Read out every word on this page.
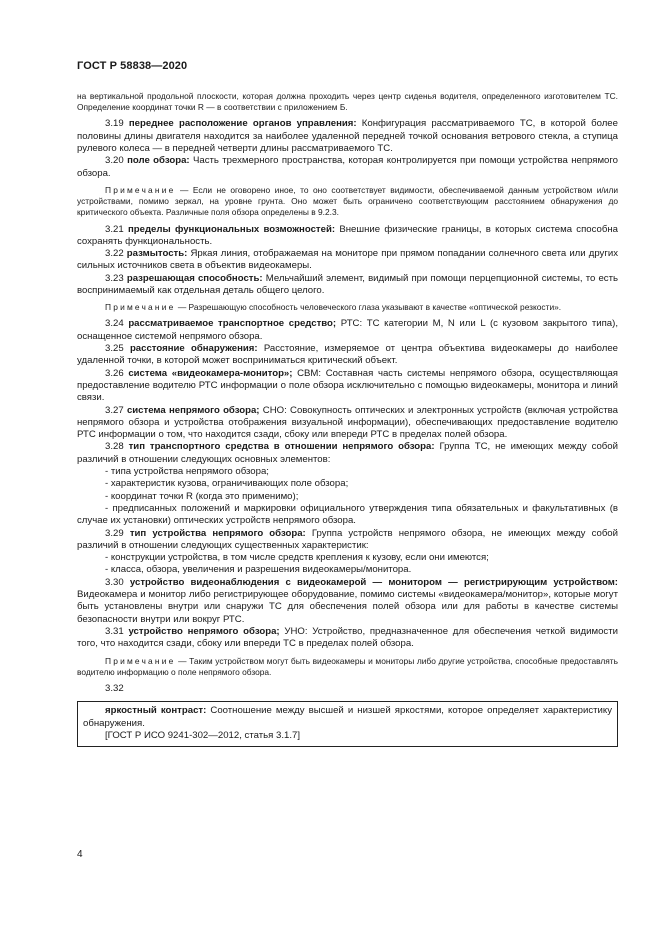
ГОСТ Р 58838—2020

на вертикальной продольной плоскости, которая должна проходить через центр сиденья водителя, определенного изготовителем ТС. Определение координат точки R — в соответствии с приложением Б.

3.19 переднее расположение органов управления: Конфигурация рассматриваемого ТС, в которой более половины длины двигателя находится за наиболее удаленной передней точкой основания ветрового стекла, а ступица рулевого колеса — в передней четверти длины рассматриваемого ТС.

3.20 поле обзора: Часть трехмерного пространства, которая контролируется при помощи устройства непрямого обзора.

Примечание — Если не оговорено иное, то оно соответствует видимости, обеспечиваемой данным устройством и/или устройствами, помимо зеркал, на уровне грунта. Оно может быть ограничено соответствующим расстоянием обнаружения до критического объекта. Различные поля обзора определены в 9.2.3.

3.21 пределы функциональных возможностей: Внешние физические границы, в которых система способна сохранять функциональность.

3.22 размытость: Яркая линия, отображаемая на мониторе при прямом попадании солнечного света или других сильных источников света в объектив видеокамеры.

3.23 разрешающая способность: Мельчайший элемент, видимый при помощи перцепционной системы, то есть воспринимаемый как отдельная деталь общего целого.

Примечание — Разрешающую способность человеческого глаза указывают в качестве «оптической резкости».

3.24 рассматриваемое транспортное средство; РТС: ТС категории М, N или L (с кузовом закрытого типа), оснащенное системой непрямого обзора.

3.25 расстояние обнаружения: Расстояние, измеряемое от центра объектива видеокамеры до наиболее удаленной точки, в которой может восприниматься критический объект.

3.26 система «видеокамера-монитор»; СВМ: Составная часть системы непрямого обзора, осуществляющая предоставление водителю РТС информации о поле обзора исключительно с помощью видеокамеры, монитора и линий связи.

3.27 система непрямого обзора; СНО: Совокупность оптических и электронных устройств (включая устройства непрямого обзора и устройства отображения визуальной информации), обеспечивающих предоставление водителю РТС информации о том, что находится сзади, сбоку или впереди РТС в пределах полей обзора.

3.28 тип транспортного средства в отношении непрямого обзора: Группа ТС, не имеющих между собой различий в отношении следующих основных элементов:

- типа устройства непрямого обзора;

- характеристик кузова, ограничивающих поле обзора;

- координат точки R (когда это применимо);

- предписанных положений и маркировки официального утверждения типа обязательных и факультативных (в случае их установки) оптических устройств непрямого обзора.

3.29 тип устройства непрямого обзора: Группа устройств непрямого обзора, не имеющих между собой различий в отношении следующих существенных характеристик:

- конструкции устройства, в том числе средств крепления к кузову, если они имеются;

- класса, обзора, увеличения и разрешения видеокамеры/монитора.

3.30 устройство видеонаблюдения с видеокамерой — монитором — регистрирующим устройством: Видеокамера и монитор либо регистрирующее оборудование, помимо системы «видеокамера/монитор», которые могут быть установлены внутри или снаружи ТС для обеспечения полей обзора или для работы в качестве системы безопасности внутри или вокруг РТС.

3.31 устройство непрямого обзора; УНО: Устройство, предназначенное для обеспечения четкой видимости того, что находится сзади, сбоку или впереди ТС в пределах полей обзора.

Примечание — Таким устройством могут быть видеокамеры и мониторы либо другие устройства, способные предоставлять водителю информацию о поле непрямого обзора.

3.32

яркостный контраст: Соотношение между высшей и низшей яркостями, которое определяет характеристику обнаружения.

[ГОСТ Р ИСО 9241-302—2012, статья 3.1.7]

4
